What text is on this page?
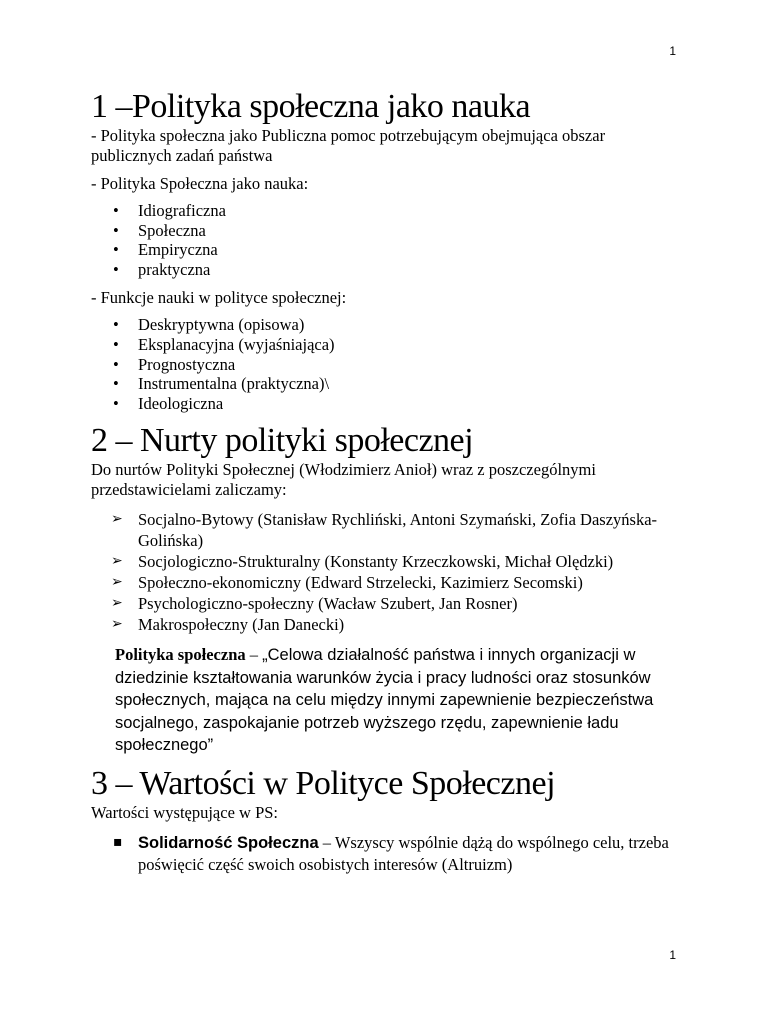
1
1 –Polityka społeczna jako nauka

- Polityka społeczna jako Publiczna pomoc potrzebującym obejmująca obszar publicznych zadań państwa

- Polityka Społeczna jako nauka:

• Idiograficzna
• Społeczna
• Empiryczna
• praktyczna

- Funkcje nauki w polityce społecznej:

• Deskryptywna (opisowa)
• Eksplanacyjna (wyjaśniająca)
• Prognostyczna
• Instrumentalna (praktyczna)\
• Ideologiczna
2 – Nurty polityki społecznej

Do nurtów Polityki Społecznej (Włodzimierz Anioł) wraz z poszczególnymi przedstawicielami zaliczamy:

➢ Socjalno-Bytowy (Stanisław Rychliński, Antoni Szymański, Zofia Daszyńska-Golińska)
➢ Socjologiczno-Strukturalny (Konstanty Krzeczkowski, Michał Olędzki)
➢ Społeczno-ekonomiczny (Edward Strzelecki, Kazimierz Secomski)
➢ Psychologiczno-społeczny (Wacław Szubert, Jan Rosner)
➢ Makrospołeczny (Jan Danecki)
Polityka społeczna – „Celowa działalność państwa i innych organizacji w dziedzinie kształtowania warunków życia i pracy ludności oraz stosunków społecznych, mająca na celu między innymi zapewnienie bezpieczeństwa socjalnego, zaspokajanie potrzeb wyższego rzędu, zapewnienie ładu społecznego”
3 – Wartości w Polityce Społecznej

Wartości występujące w PS:

▪ Solidarność Społeczna – Wszyscy wspólnie dążą do wspólnego celu, trzeba poświęcić część swoich osobistych interesów (Altruizm)
1
